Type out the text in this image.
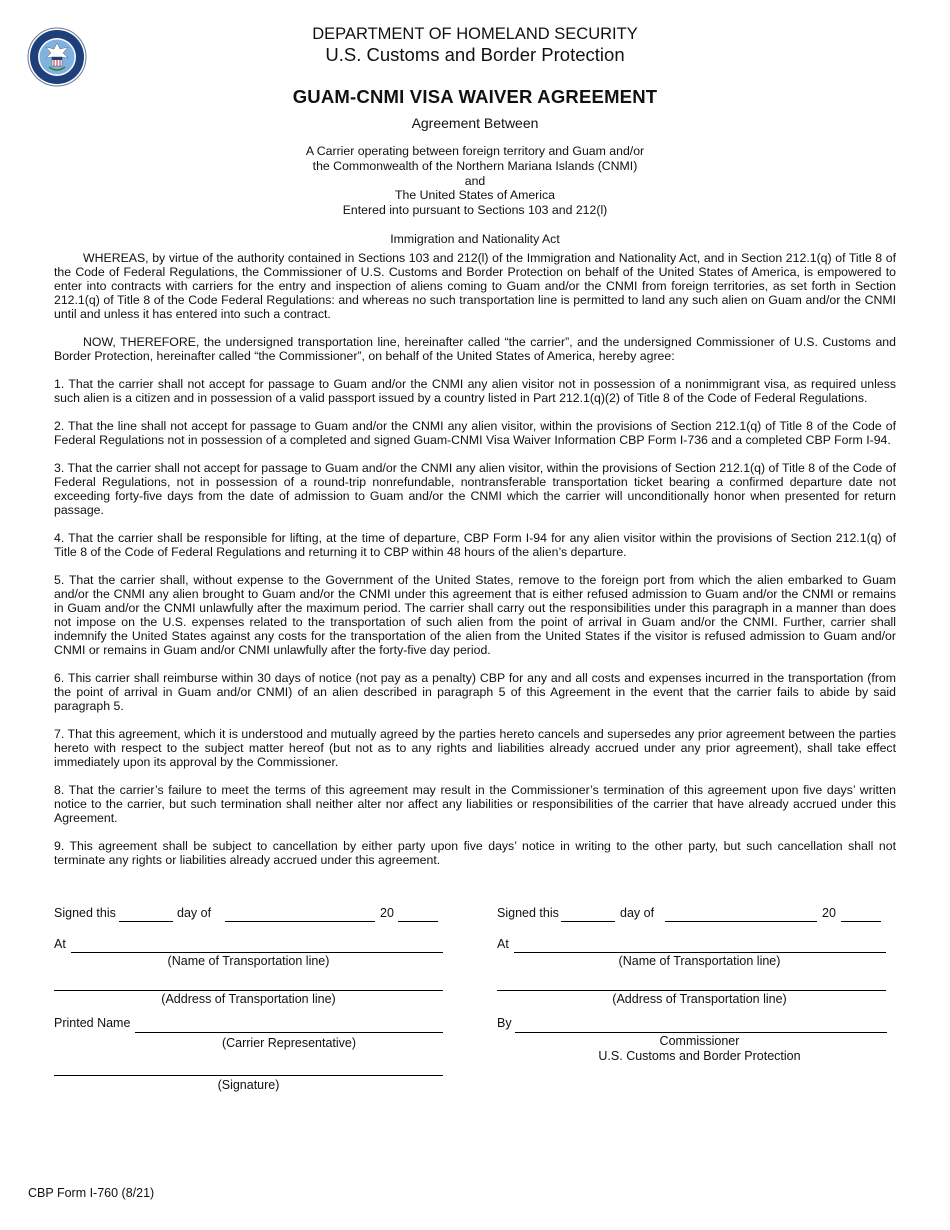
DEPARTMENT OF HOMELAND SECURITY
U.S. Customs and Border Protection
GUAM-CNMI VISA WAIVER AGREEMENT
Agreement Between
A Carrier operating between foreign territory and Guam and/or
the Commonwealth of the Northern Mariana Islands (CNMI)
and
The United States of America
Entered into pursuant to Sections 103 and 212(l)
Immigration and Nationality Act

WHEREAS, by virtue of the authority contained in Sections 103 and 212(l) of the Immigration and Nationality Act, and in Section 212.1(q) of Title 8 of the Code of Federal Regulations, the Commissioner of U.S. Customs and Border Protection on behalf of the United States of America, is empowered to enter into contracts with carriers for the entry and inspection of aliens coming to Guam and/or the CNMI from foreign territories, as set forth in Section 212.1(q) of Title 8 of the Code Federal Regulations: and whereas no such transportation line is permitted to land any such alien on Guam and/or the CNMI until and unless it has entered into such a contract.

NOW, THEREFORE, the undersigned transportation line, hereinafter called “the carrier”, and the undersigned Commissioner of U.S. Customs and Border Protection, hereinafter called “the Commissioner”, on behalf of the United States of America, hereby agree:

1. That the carrier shall not accept for passage to Guam and/or the CNMI any alien visitor not in possession of a nonimmigrant visa, as required unless such alien is a citizen and in possession of a valid passport issued by a country listed in Part 212.1(q)(2) of Title 8 of the Code of Federal Regulations.

2. That the line shall not accept for passage to Guam and/or the CNMI any alien visitor, within the provisions of Section 212.1(q) of Title 8 of the Code of Federal Regulations not in possession of a completed and signed Guam-CNMI Visa Waiver Information CBP Form I-736 and a completed CBP Form I-94.

3. That the carrier shall not accept for passage to Guam and/or the CNMI any alien visitor, within the provisions of Section 212.1(q) of Title 8 of the Code of Federal Regulations, not in possession of a round-trip nonrefundable, nontransferable transportation ticket bearing a confirmed departure date not exceeding forty-five days from the date of admission to Guam and/or the CNMI which the carrier will unconditionally honor when presented for return passage.

4. That the carrier shall be responsible for lifting, at the time of departure, CBP Form I-94 for any alien visitor within the provisions of Section 212.1(q) of Title 8 of the Code of Federal Regulations and returning it to CBP within 48 hours of the alien’s departure.

5. That the carrier shall, without expense to the Government of the United States, remove to the foreign port from which the alien embarked to Guam and/or the CNMI any alien brought to Guam and/or the CNMI under this agreement that is either refused admission to Guam and/or the CNMI or remains in Guam and/or the CNMI unlawfully after the maximum period. The carrier shall carry out the responsibilities under this paragraph in a manner than does not impose on the U.S. expenses related to the transportation of such alien from the point of arrival in Guam and/or the CNMI. Further, carrier shall indemnify the United States against any costs for the transportation of the alien from the United States if the visitor is refused admission to Guam and/or CNMI or remains in Guam and/or CNMI unlawfully after the forty-five day period.

6. This carrier shall reimburse within 30 days of notice (not pay as a penalty) CBP for any and all costs and expenses incurred in the transportation (from the point of arrival in Guam and/or CNMI) of an alien described in paragraph 5 of this Agreement in the event that the carrier fails to abide by said paragraph 5.

7. That this agreement, which it is understood and mutually agreed by the parties hereto cancels and supersedes any prior agreement between the parties hereto with respect to the subject matter hereof (but not as to any rights and liabilities already accrued under any prior agreement), shall take effect immediately upon its approval by the Commissioner.

8. That the carrier’s failure to meet the terms of this agreement may result in the Commissioner’s termination of this agreement upon five days’ written notice to the carrier, but such termination shall neither alter nor affect any liabilities or responsibilities of the carrier that have already accrued under this Agreement.

9. This agreement shall be subject to cancellation by either party upon five days’ notice in writing to the other party, but such cancellation shall not terminate any rights or liabilities already accrued under this agreement.

Signed this	day of	20
At
(Name of Transportation line)
(Address of Transportation line)
Printed Name
(Carrier Representative)
(Signature)
Signed this	day of	20
At
(Name of Transportation line)
(Address of Transportation line)
By
Commissioner
U.S. Customs and Border Protection
CBP Form I-760 (8/21)
